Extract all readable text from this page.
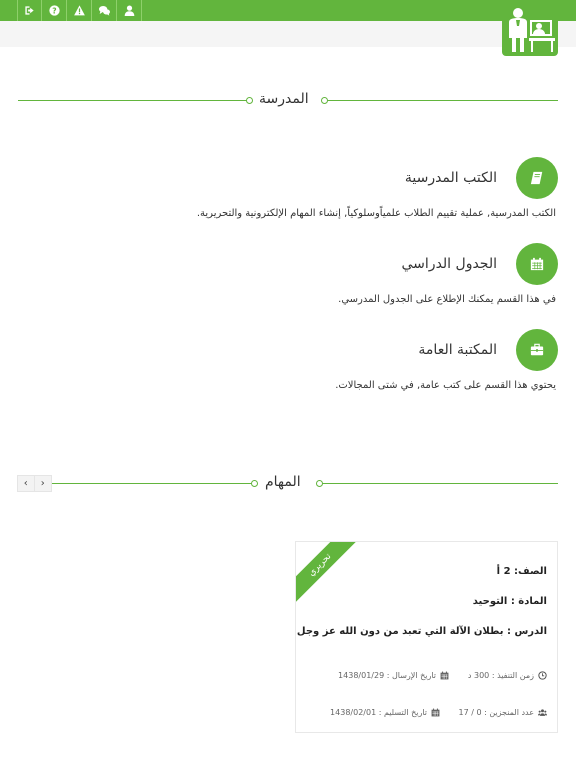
?
المدرسة
الكتب المدرسية
الكتب المدرسية, عملية تقييم الطلاب علمياًوسلوكياً, إنشاء المهام الإلكترونية والتحريرية.
الجدول الدراسي
في هذا القسم يمكنك الإطلاع على الجدول المدرسي.
المكتبة العامة
يحتوي هذا القسم على كتب عامة, في شتى المجالات.
المهام
‹	›
تحريري	الصف: 2 أ
المادة : التوحيد
الدرس : بطلان الآلة التي تعبد من دون الله عز وجل
زمن التنفيذ : 300 د
تاريخ الإرسال : 1438/01/29
عدد المنجزين : 0 / 17
تاريخ التسليم : 1438/02/01
